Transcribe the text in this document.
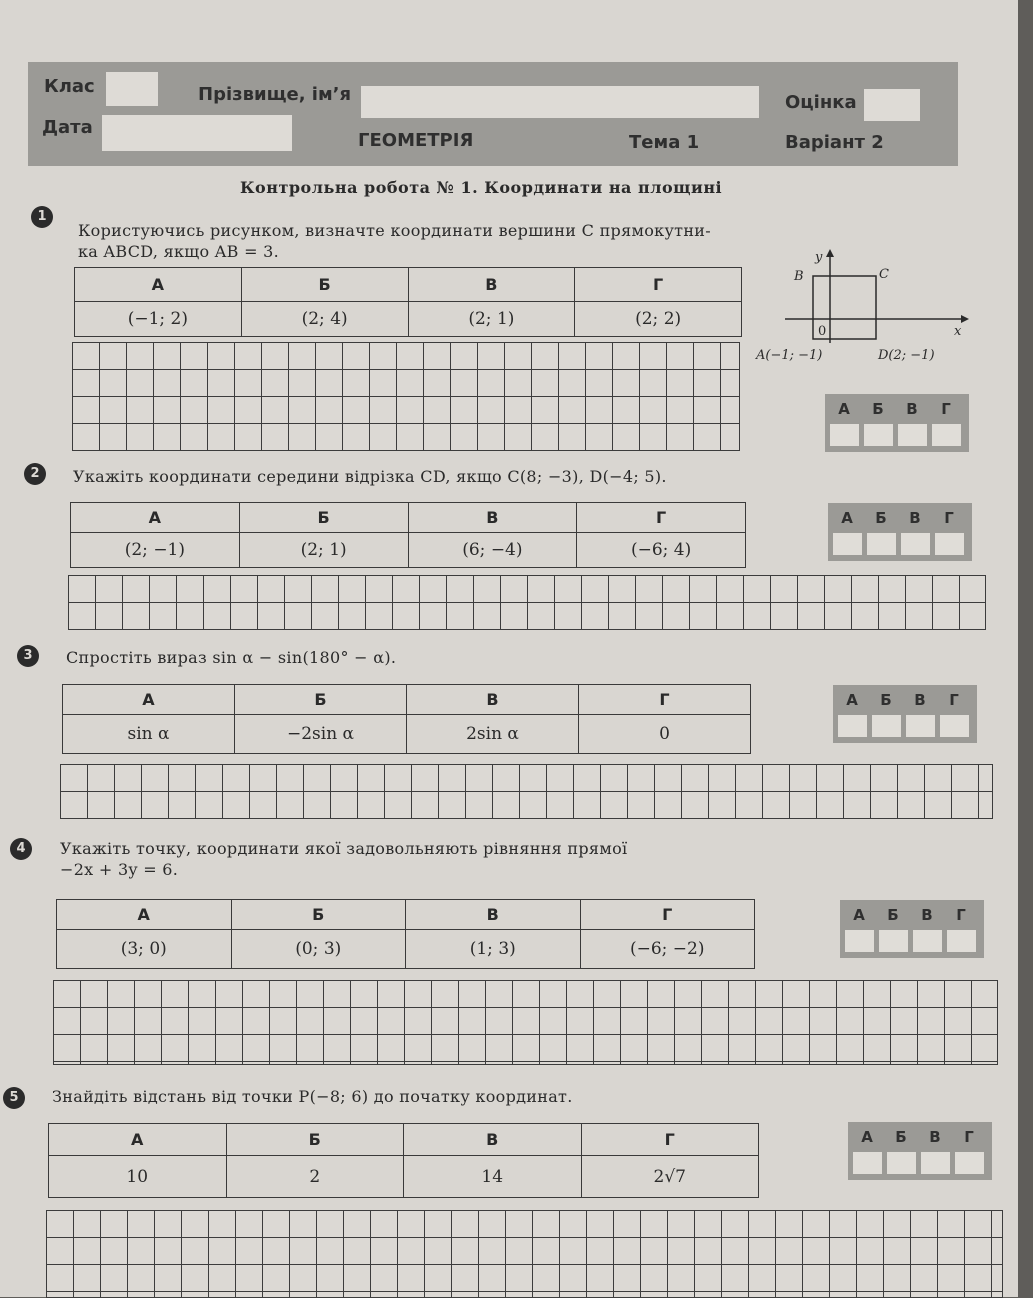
Клас	Прізвище, ім’я	Оцінка
Дата
ГЕОМЕТРІЯ	Тема 1	Варіант 2
Контрольна робота № 1. Координати на площині
1
Користуючись рисунком, визначте координати вершини C прямокутни-
ка ABCD, якщо AB = 3.
А	Б	В	Г
(−1; 2)	(2; 4)	(2; 1)	(2; 2)
y
x
0
B	C
A(−1; −1)	D(2; −1)
А	Б	В	Г
2	Укажіть координати середини відрізка CD, якщо C(8; −3), D(−4; 5).
А	Б	В	Г
(2; −1)	(2; 1)	(6; −4)	(−6; 4)
А	Б	В	Г
3	Спростіть вираз sin α − sin(180° − α).
А	Б	В	Г
sin α	−2sin α	2sin α	0
А	Б	В	Г
4	Укажіть точку, координати якої задовольняють рівняння прямої
−2x + 3y = 6.
А	Б	В	Г
(3; 0)	(0; 3)	(1; 3)	(−6; −2)
А	Б	В	Г
5	Знайдіть відстань від точки P(−8; 6) до початку координат.
А	Б	В	Г
10	2	14	2√7
А	Б	В	Г
